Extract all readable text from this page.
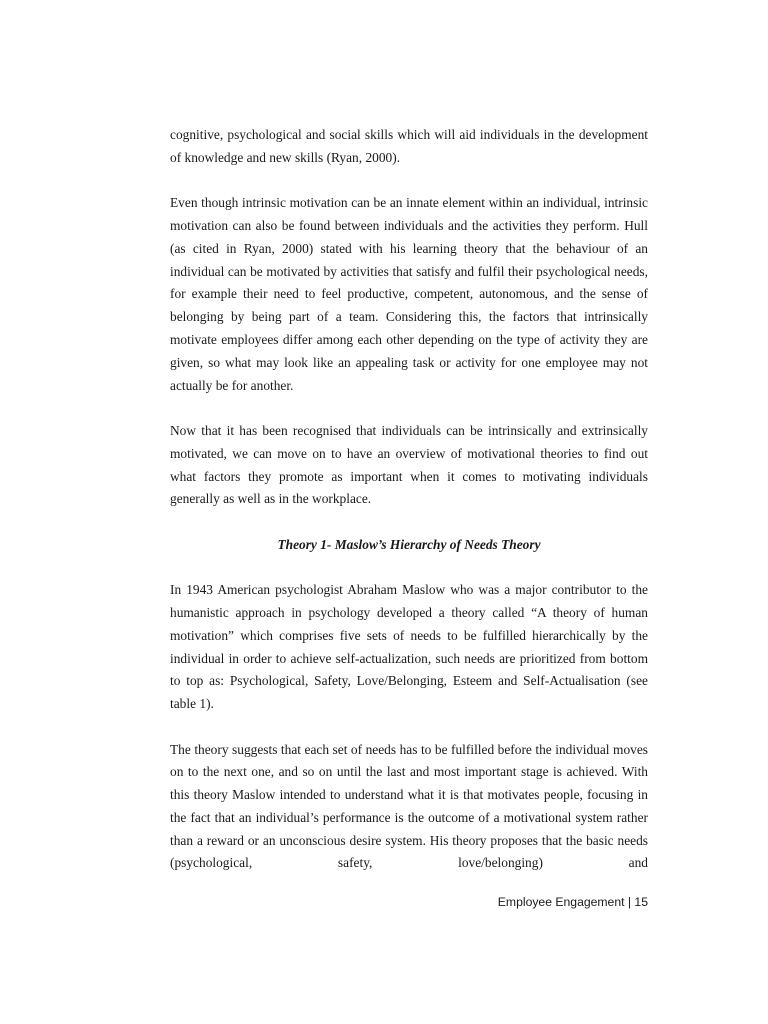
cognitive, psychological and social skills which will aid individuals in the development of knowledge and new skills (Ryan, 2000).

Even though intrinsic motivation can be an innate element within an individual, intrinsic motivation can also be found between individuals and the activities they perform. Hull (as cited in Ryan, 2000) stated with his learning theory that the behaviour of an individual can be motivated by activities that satisfy and fulfil their psychological needs, for example their need to feel productive, competent, autonomous, and the sense of belonging by being part of a team. Considering this, the factors that intrinsically motivate employees differ among each other depending on the type of activity they are given, so what may look like an appealing task or activity for one employee may not actually be for another.

Now that it has been recognised that individuals can be intrinsically and extrinsically motivated, we can move on to have an overview of motivational theories to find out what factors they promote as important when it comes to motivating individuals generally as well as in the workplace.

Theory 1- Maslow’s Hierarchy of Needs Theory

In 1943 American psychologist Abraham Maslow who was a major contributor to the humanistic approach in psychology developed a theory called “A theory of human motivation” which comprises five sets of needs to be fulfilled hierarchically by the individual in order to achieve self-actualization, such needs are prioritized from bottom to top as: Psychological, Safety, Love/Belonging, Esteem and Self-Actualisation (see table 1).

The theory suggests that each set of needs has to be fulfilled before the individual moves on to the next one, and so on until the last and most important stage is achieved. With this theory Maslow intended to understand what it is that motivates people, focusing in the fact that an individual’s performance is the outcome of a motivational system rather than a reward or an unconscious desire system. His theory proposes that the basic needs (psychological, safety, love/belonging) and

Employee Engagement | 15
